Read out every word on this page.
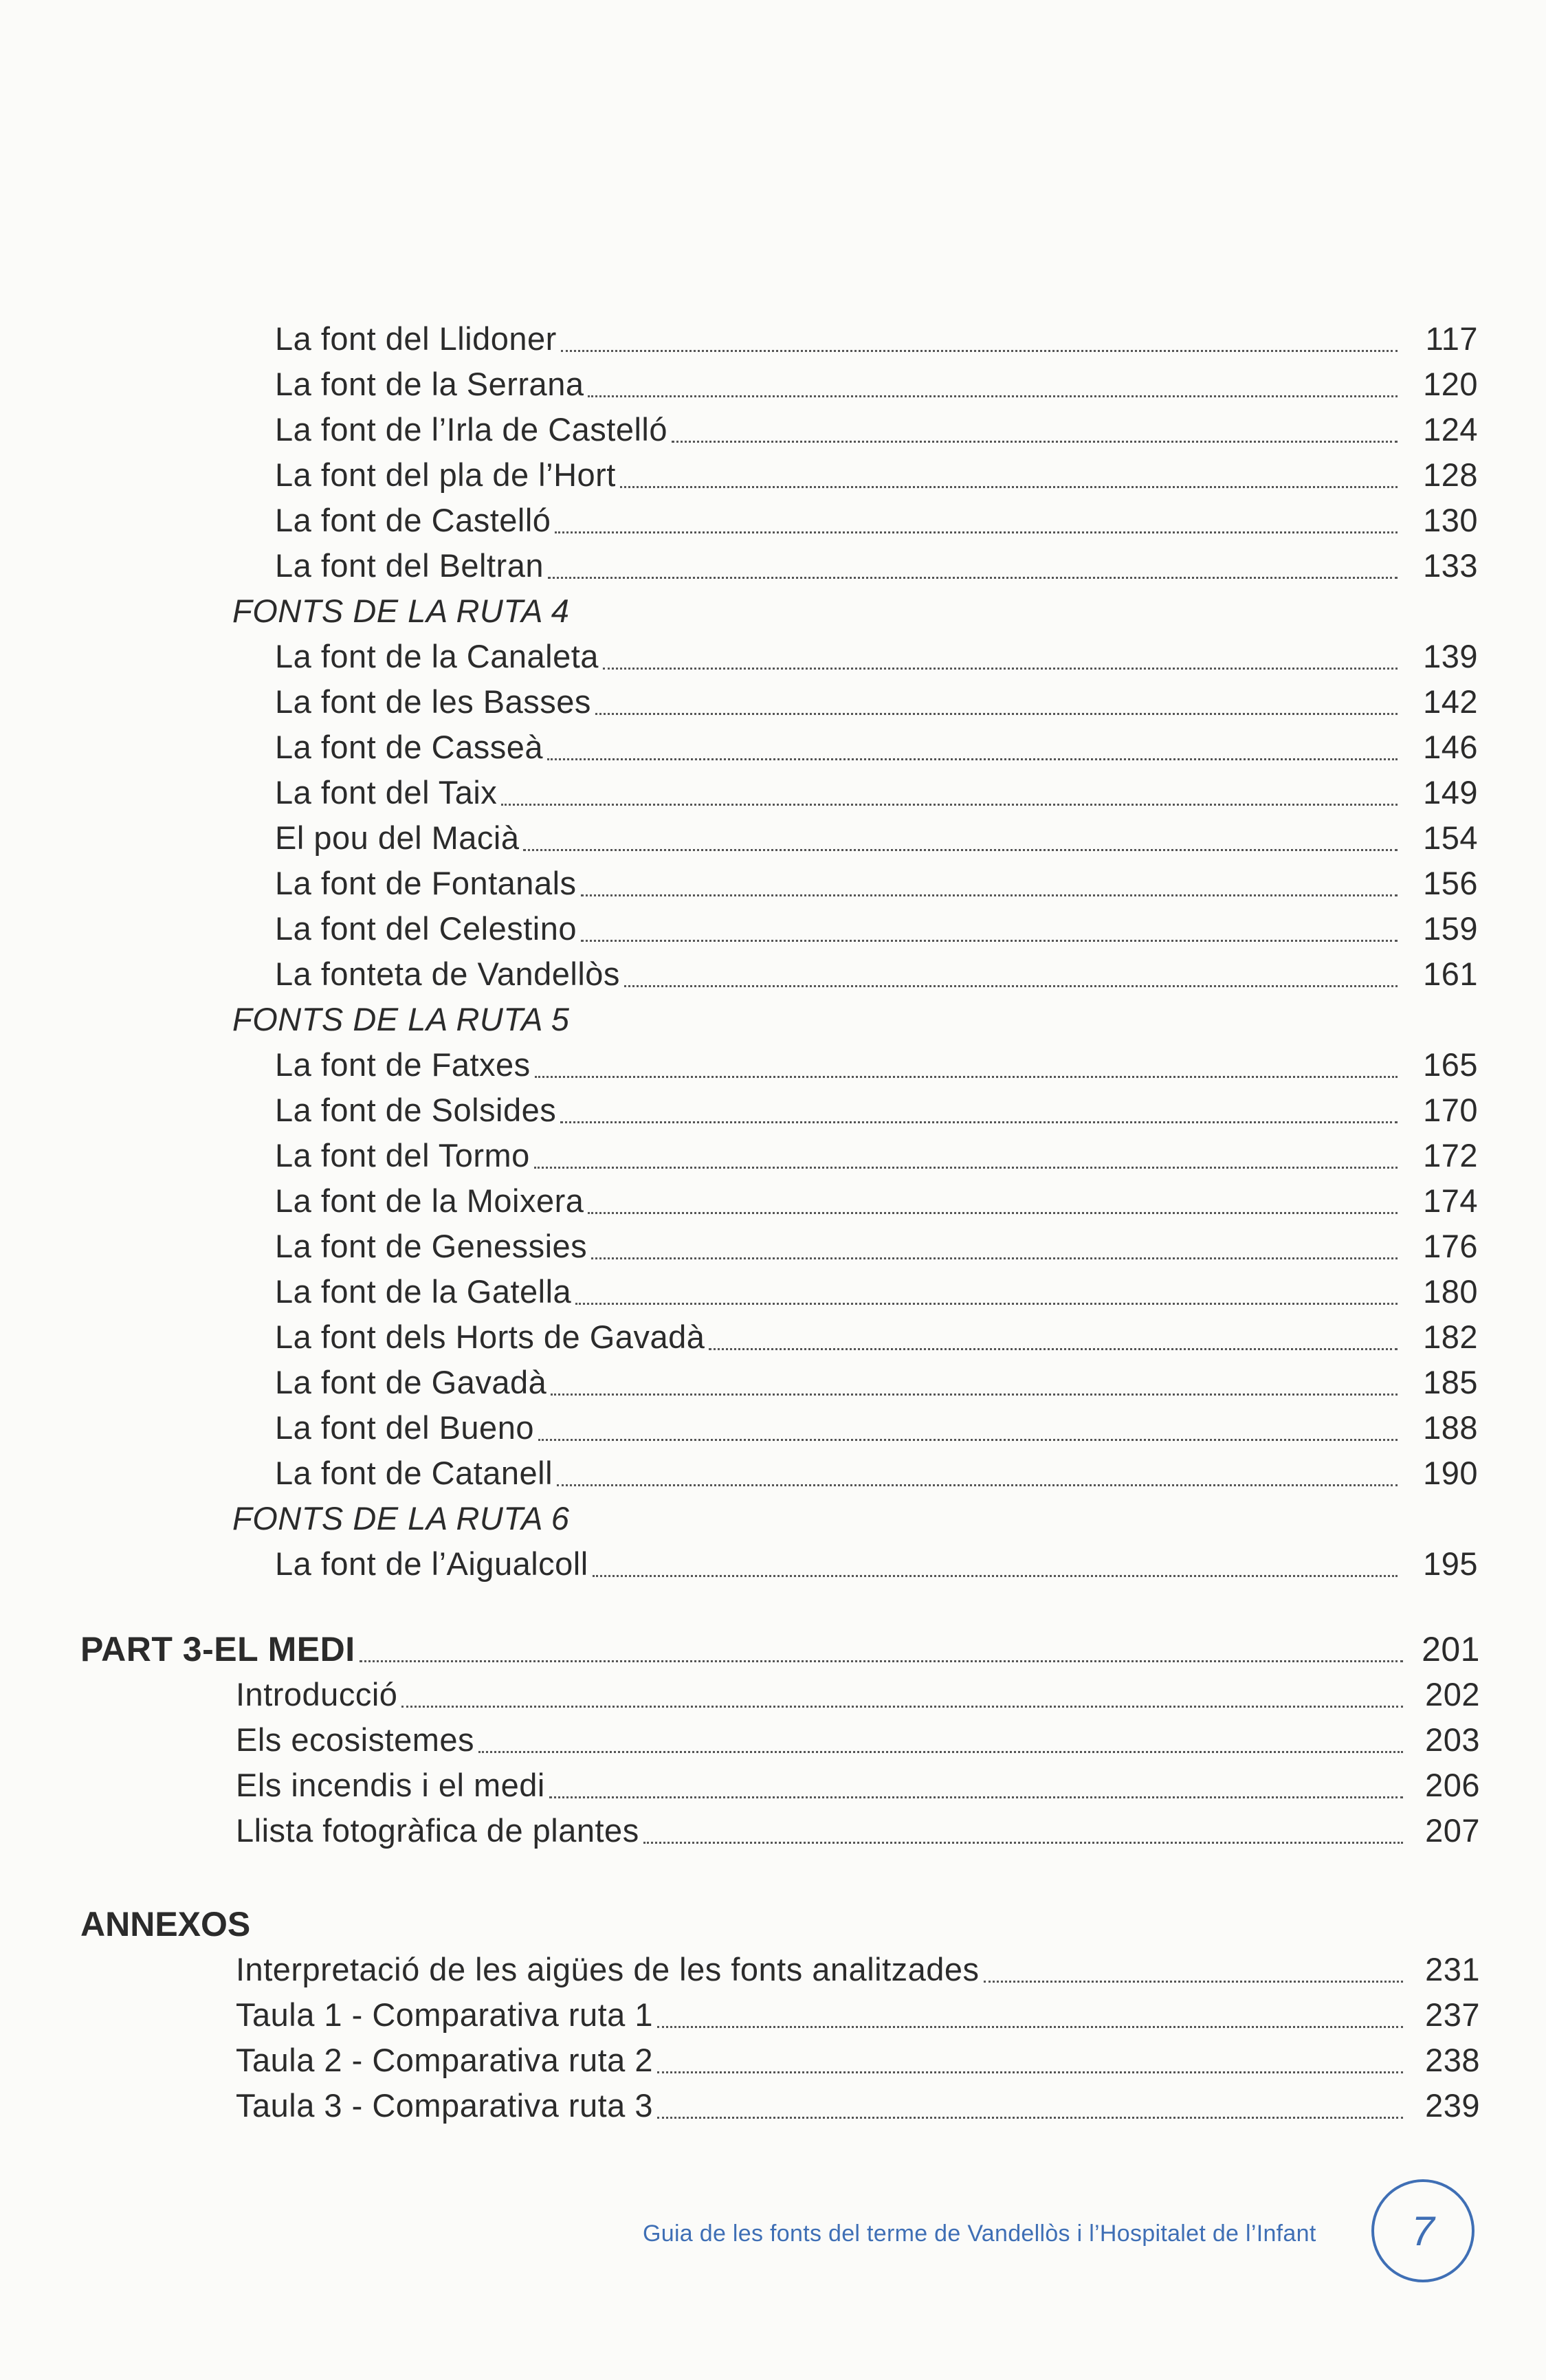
La font del Llidoner	117
La font de la Serrana	120
La font de l’Irla de Castelló	124
La font del pla de l’Hort	128
La font de Castelló	130
La font del Beltran	133
FONTS DE LA RUTA 4
La font de la Canaleta	139
La font de les Basses	142
La font de Casseà	146
La font del Taix	149
El pou del Macià	154
La font de Fontanals	156
La font del Celestino	159
La fonteta de Vandellòs	161
FONTS DE LA RUTA 5
La font de Fatxes	165
La font de Solsides	170
La font del Tormo	172
La font de la Moixera	174
La font de Genessies	176
La font de la Gatella	180
La font dels Horts de Gavadà	182
La font de Gavadà	185
La font del Bueno	188
La font de Catanell	190
FONTS DE LA RUTA 6
La font de l’Aigualcoll	195
PART 3-EL MEDI	201
Introducció	202
Els ecosistemes	203
Els incendis i el medi	206
Llista fotogràfica de plantes	207
ANNEXOS
Interpretació de les aigües de les fonts analitzades	231
Taula 1 - Comparativa ruta 1	237
Taula 2 - Comparativa ruta 2	238
Taula 3 - Comparativa ruta 3	239
Guia de les fonts del terme de Vandellòs i l’Hospitalet de l’Infant	7
